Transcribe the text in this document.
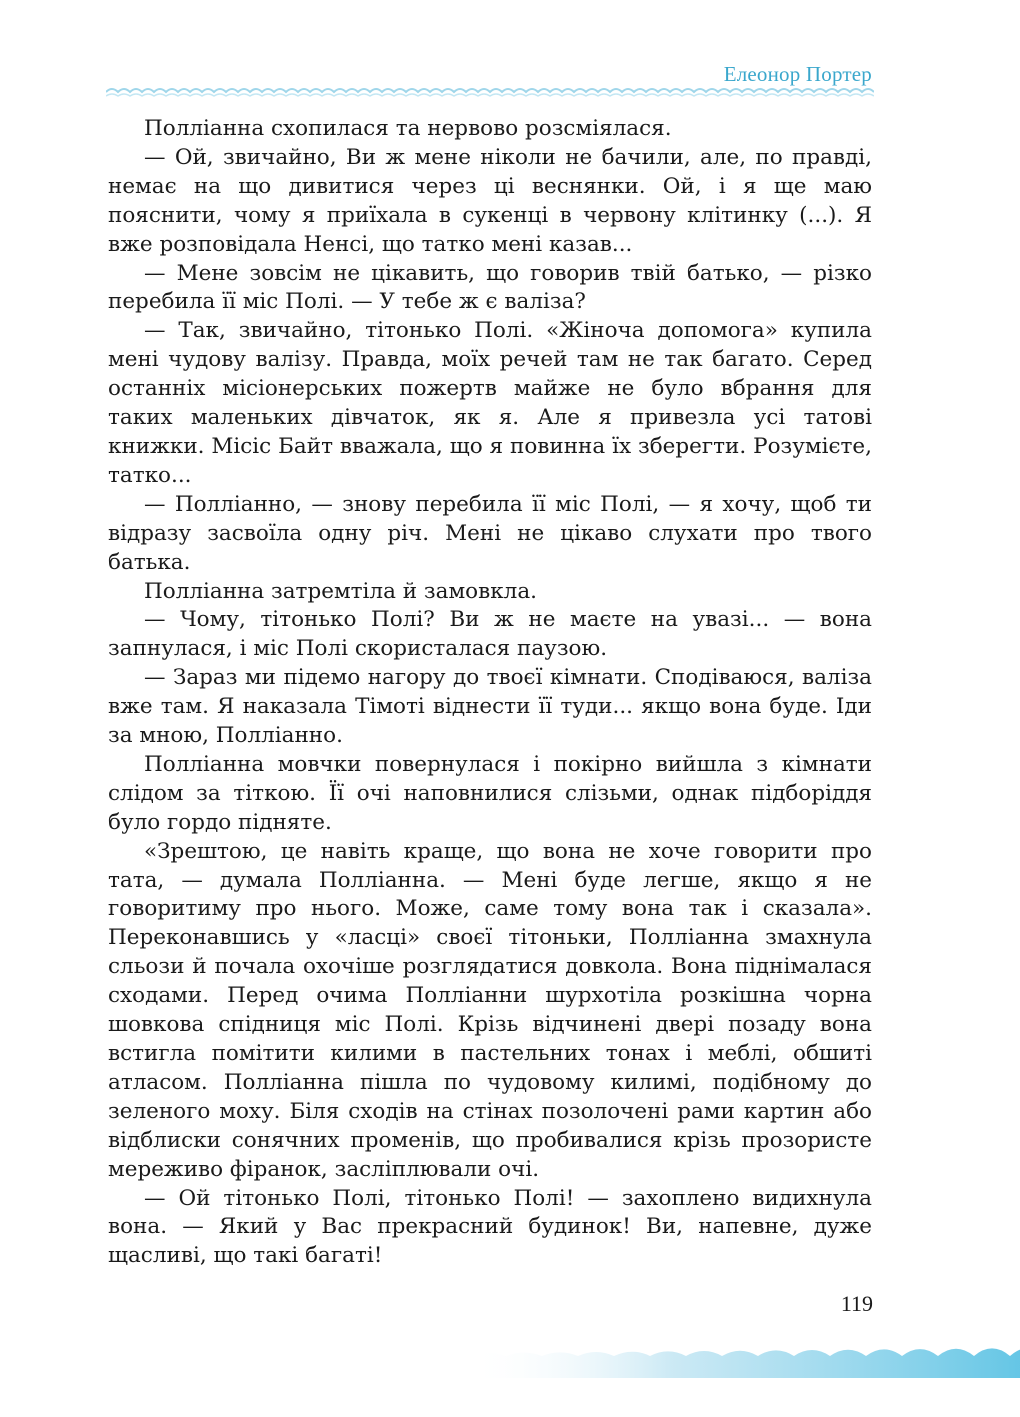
Елеонор Портер

Поллiанна схопилася та нервово розсмiялася.

— Ой, звичайно, Ви ж мене нiколи не бачили, але, по правдi, немає на що дивитися через цi веснянки. Ой, i я ще маю пояснити, чому я приїхала в сукенцi в червону клiтинку (...). Я вже розповiдала Ненсi, що татко менi казав...

— Мене зовсiм не цiкавить, що говорив твiй батько, — рiзко перебила її мiс Полi. — У тебе ж є валiза?

— Так, звичайно, тiтонько Полi. «Жiноча допомога» купила менi чудову валiзу. Правда, моїх речей там не так багато. Серед останнiх мiсiонерських пожертв майже не було вбрання для таких маленьких дiвчаток, як я. Але я привезла усi татовi книжки. Мiсiс Байт вважала, що я повинна їх зберегти. Розумiєте, татко...

— Поллiанно, — знову перебила її мiс Полi, — я хочу, щоб ти вiдразу засвоїла одну рiч. Менi не цiкаво слухати про твого батька.

Поллiанна затремтiла й замовкла.

— Чому, тiтонько Полi? Ви ж не маєте на увазi... — вона запнулася, i мiс Полi скористалася паузою.

— Зараз ми пiдемо нагору до твоєї кiмнати. Сподiваюся, валiза вже там. Я наказала Тiмотi вiднести її туди... якщо вона буде. Iди за мною, Поллiанно.

Поллiанна мовчки повернулася i покiрно вийшла з кiмнати слiдом за тiткою. Її очi наповнилися слiзьми, однак пiдборiддя було гордо пiднятe.

«Зрештою, це навiть краще, що вона не хоче говорити про тата, — думала Поллiанна. — Менi буде легше, якщо я не говоритиму про нього. Може, саме тому вона так i сказала». Переконавшись у «ласцi» своєї тiтоньки, Поллiанна змахнула сльози й почала охочiше розглядатися довкола. Вона пiднiмалася сходами. Перед очима Поллiанни шурхотiла розкiшна чорна шовкова спiдниця мiс Полi. Крiзь вiдчиненi дверi позаду вона встигла помiтити килими в пастельних тонах i меблi, обшитi атласом. Поллiанна пiшла по чудовому килимi, подiбному до зеленого моху. Бiля сходiв на стiнах позолоченi рами картин або вiдблиски сонячних променiв, що пробивалися крiзь прозористе мереживо фiранок, засліплювали очi.

— Ой тiтонько Полi, тiтонько Полi! — захоплено видихнула вона. — Який у Вас прекрасний будинок! Ви, напевне, дуже щасливi, що такi багатi!

119
